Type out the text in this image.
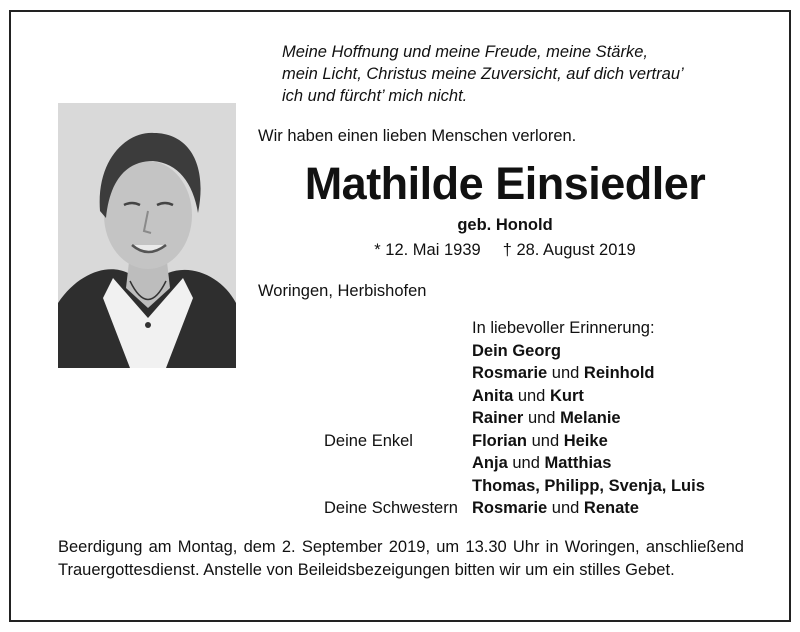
Meine Hoffnung und meine Freude, meine Stärke,
mein Licht, Christus meine Zuversicht, auf dich vertrau’
ich und fürcht’ mich nicht.
Wir haben einen lieben Menschen verloren.
Mathilde Einsiedler
geb. Honold
* 12. Mai 1939 † 28. August 2019
Woringen, Herbishofen
In liebevoller Erinnerung:
Dein Georg
Rosmarie und Reinhold
Anita und Kurt
Rainer und Melanie
Deine Enkel	Florian und Heike
Anja und Matthias
Thomas, Philipp, Svenja, Luis
Deine Schwestern Rosmarie und Renate
Beerdigung am Montag, dem 2. September 2019, um 13.30 Uhr in Woringen, anschließend Trauergottesdienst. Anstelle von Beileidsbezeigungen bitten wir um ein stilles Gebet.
